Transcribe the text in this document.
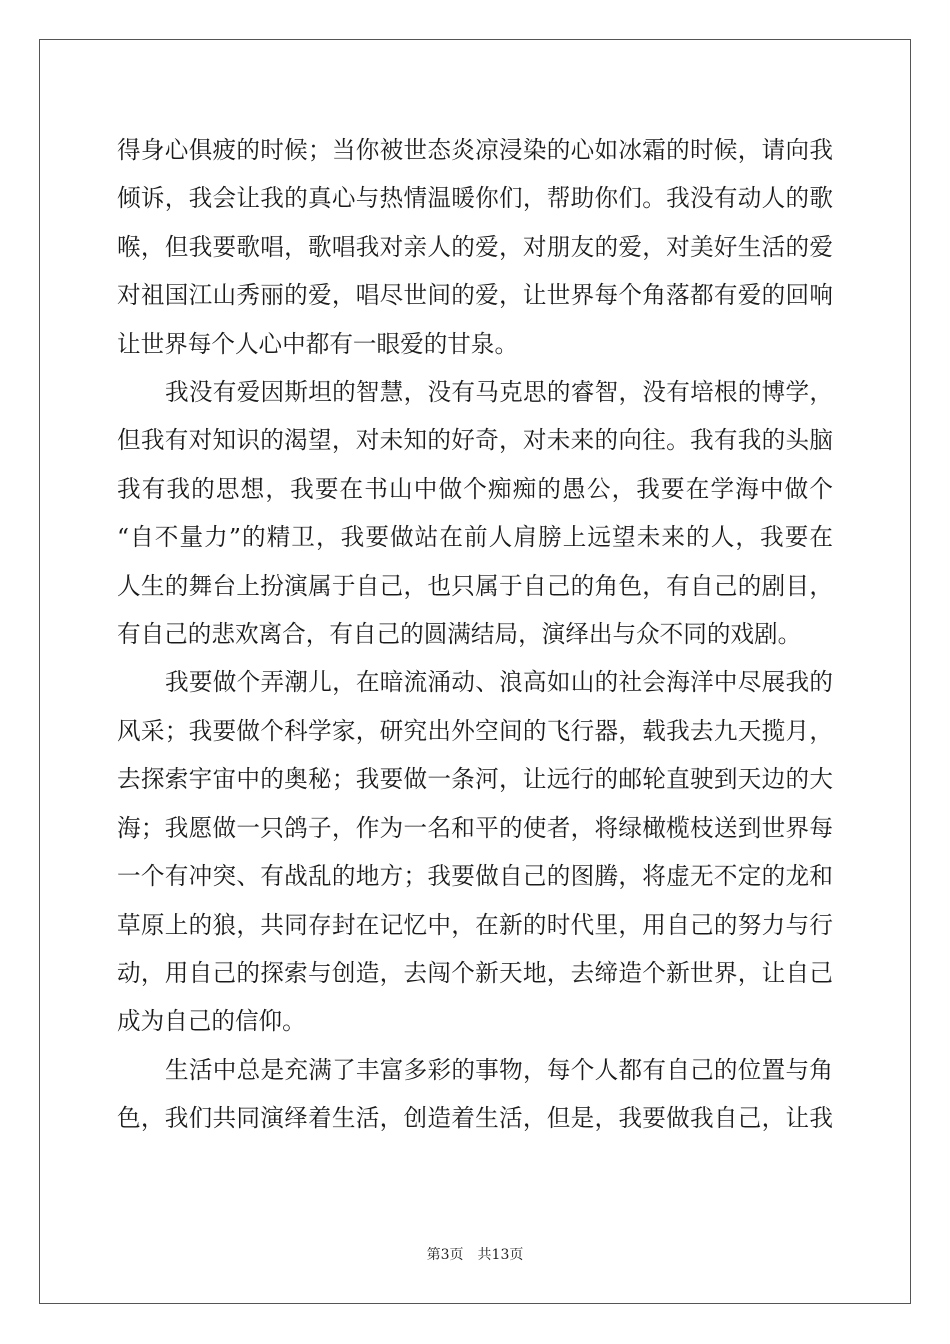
得身心俱疲的时候；当你被世态炎凉浸染的心如冰霜的时候，请向我
倾诉，我会让我的真心与热情温暖你们，帮助你们。我没有动人的歌
喉，但我要歌唱，歌唱我对亲人的爱，对朋友的爱，对美好生活的爱
对祖国江山秀丽的爱，唱尽世间的爱，让世界每个角落都有爱的回响
让世界每个人心中都有一眼爱的甘泉。
我没有爱因斯坦的智慧，没有马克思的睿智，没有培根的博学，
但我有对知识的渴望，对未知的好奇，对未来的向往。我有我的头脑
我有我的思想，我要在书山中做个痴痴的愚公，我要在学海中做个
“自不量力”的精卫，我要做站在前人肩膀上远望未来的人，我要在
人生的舞台上扮演属于自己，也只属于自己的角色，有自己的剧目，
有自己的悲欢离合，有自己的圆满结局，演绎出与众不同的戏剧。
我要做个弄潮儿，在暗流涌动、浪高如山的社会海洋中尽展我的
风采；我要做个科学家，研究出外空间的飞行器，载我去九天揽月，
去探索宇宙中的奥秘；我要做一条河，让远行的邮轮直驶到天边的大
海；我愿做一只鸽子，作为一名和平的使者，将绿橄榄枝送到世界每
一个有冲突、有战乱的地方；我要做自己的图腾，将虚无不定的龙和
草原上的狼，共同存封在记忆中，在新的时代里，用自己的努力与行
动，用自己的探索与创造，去闯个新天地，去缔造个新世界，让自己
成为自己的信仰。
生活中总是充满了丰富多彩的事物，每个人都有自己的位置与角
色，我们共同演绎着生活，创造着生活，但是，我要做我自己，让我
第3页　共13页
